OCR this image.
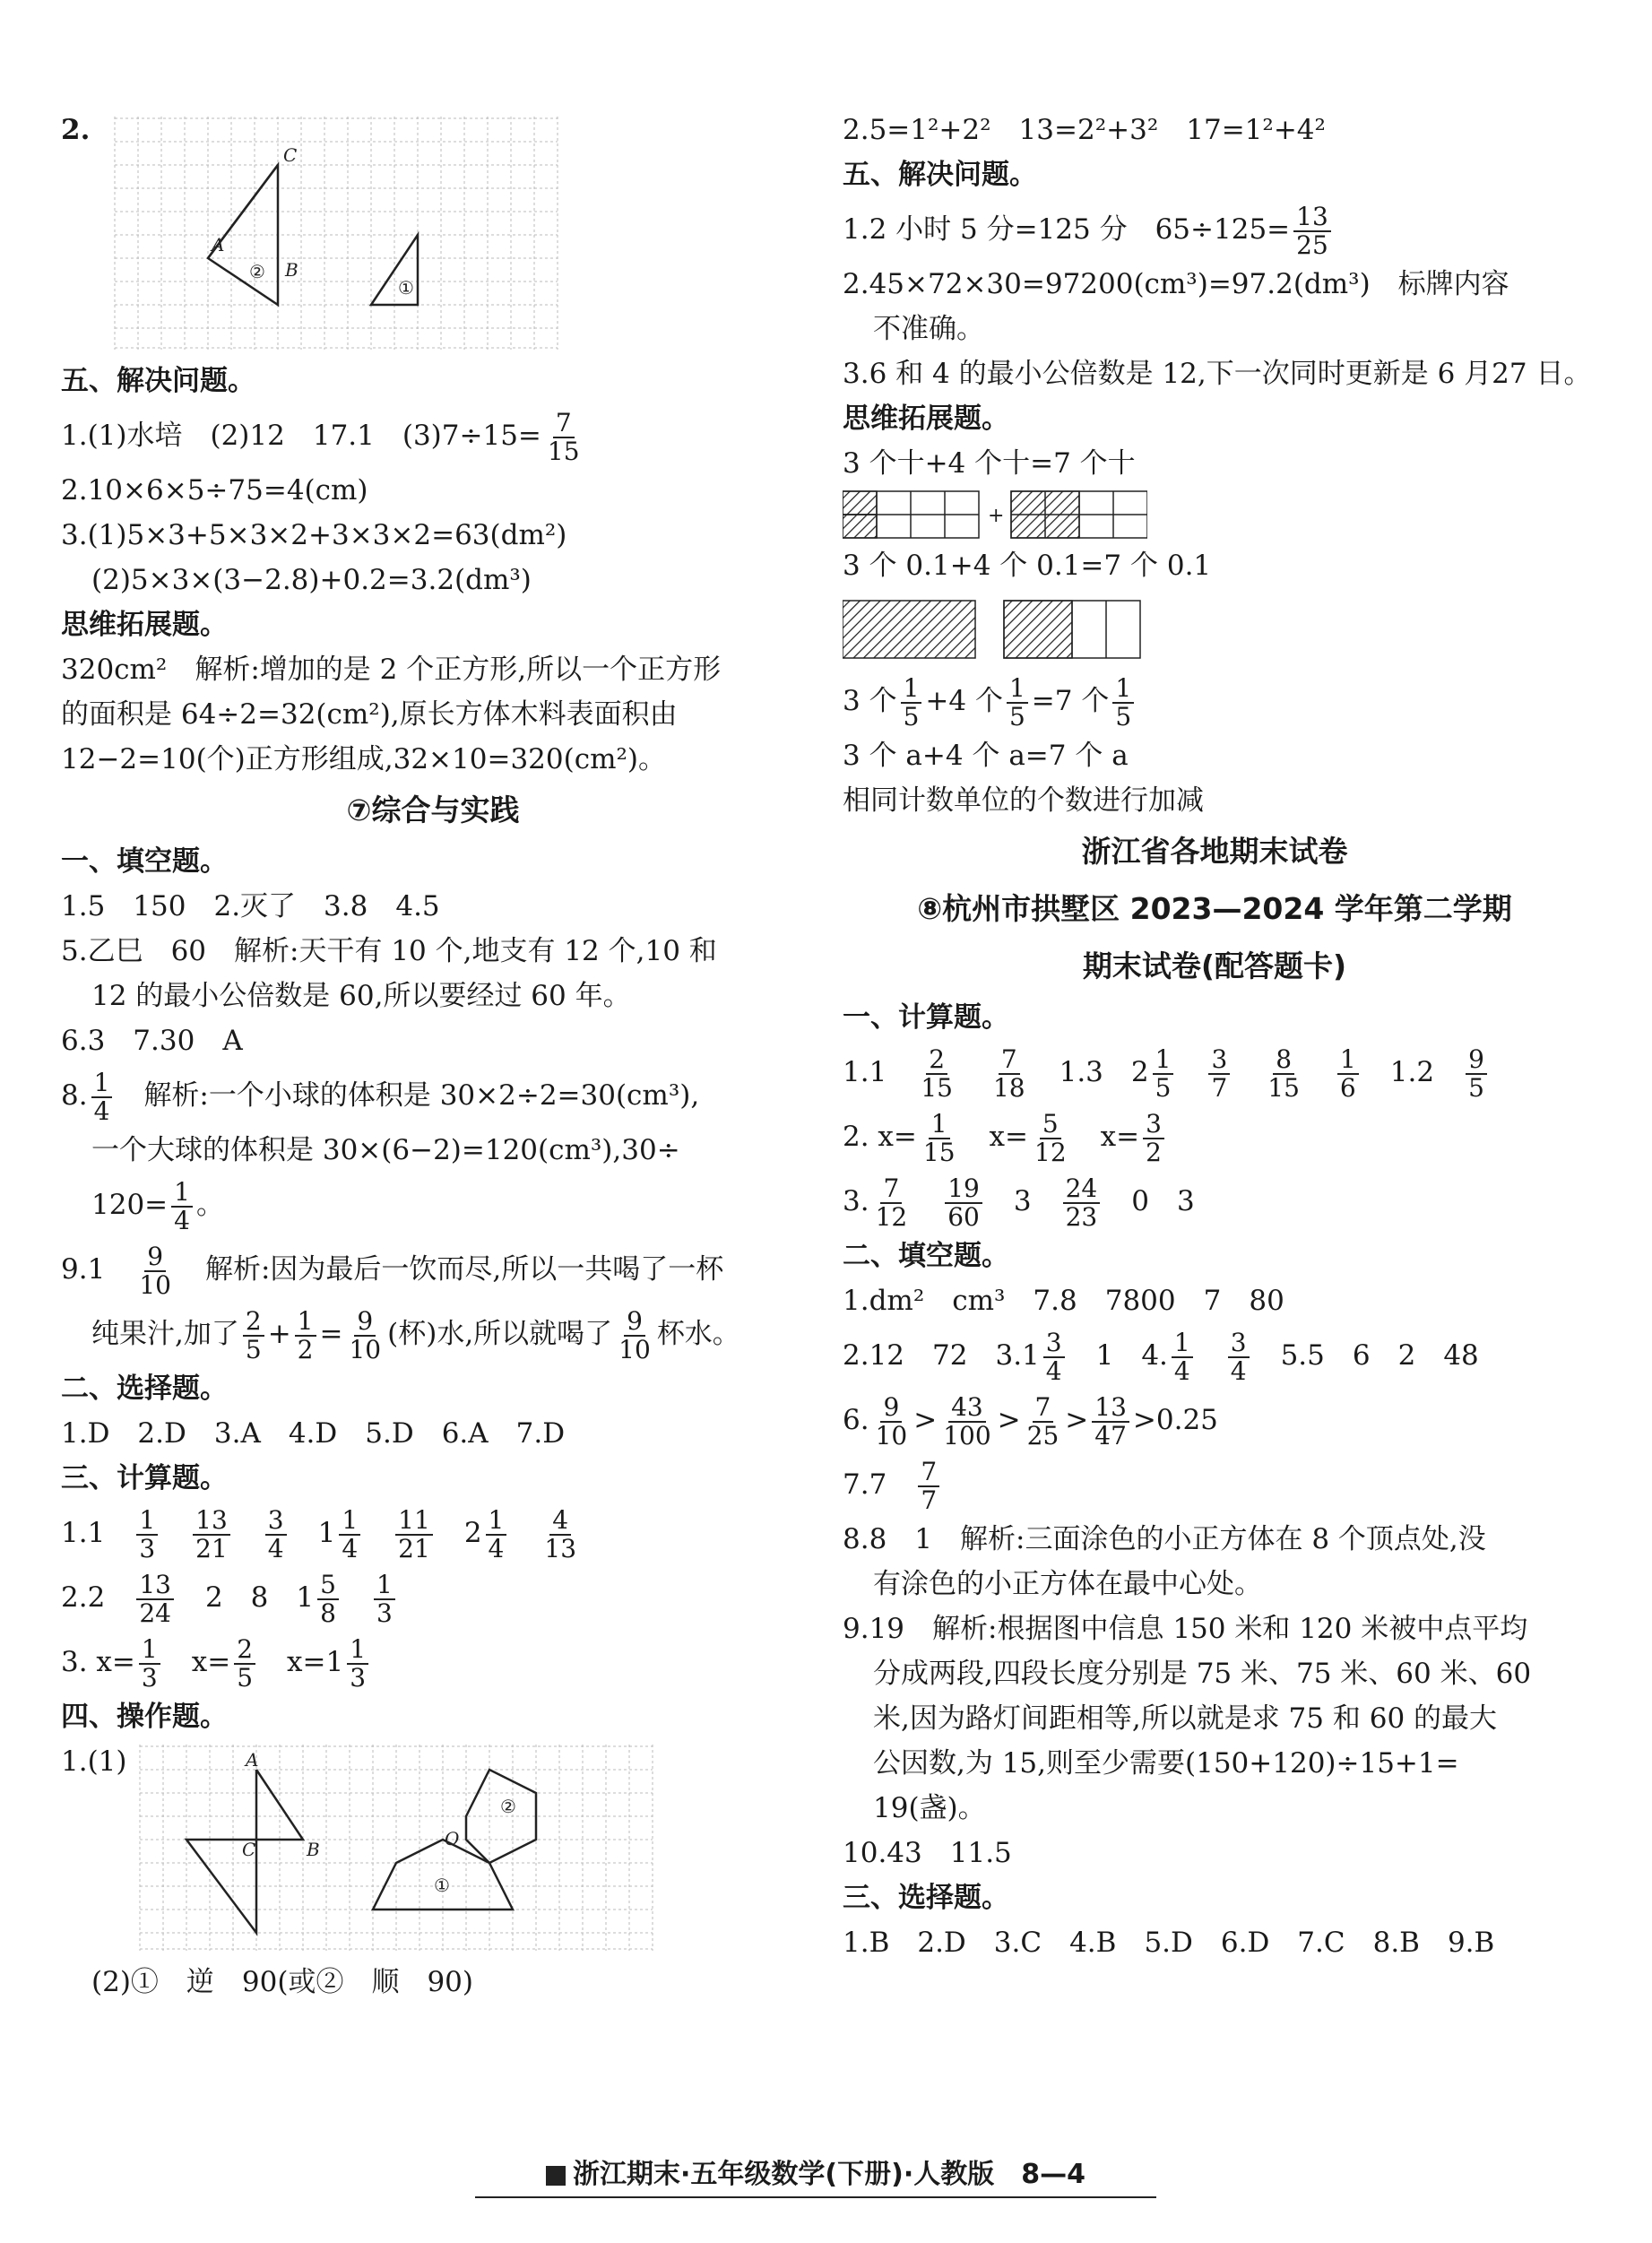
2.
C
A
B
②
①
五、解决问题。
1.(1)水培　(2)12　17.1　$(3)7\div 15= \frac{7}{15}$
2.10×6×5÷75=4(cm)
3.(1)5×3+5×3×2+3×3×2=63(dm²)
(2)5×3×(3−2.8)+0.2=3.2(dm³)
思维拓展题。
320cm²　解析:增加的是 2 个正方形,所以一个正方形
的面积是 64÷2=32(cm²),原长方体木料表面积由
12−2=10(个)正方形组成,32×10=320(cm²)。
⑦综合与实践
一、填空题。
1.5　150　2.灭了　3.8　4.5
5.乙巳　60　解析:天干有 10 个,地支有 12 个,10 和
12 的最小公倍数是 60,所以要经过 60 年。
6.3　7.30　A
8. $\frac{1}{4}$
　 解析:一个小球的体积是 30×2÷2=30(cm³),
一个大球的体积是 30×(6−2)=120(cm³),30÷
$120= \frac{1}{4}$ 。
9.1　 $\frac{9}{10}$
　 解析:因为最后一饮而尽,所以一共喝了一杯
纯果汁,加了 $\frac{2}{5} + \frac{1}{2} = \frac{9}{10}$ (杯)水,所以就喝了 $\frac{9}{10}$ 杯水。
二、选择题。
1.D　2.D　3.A　4.D　5.D　6.A　7.D
三、计算题。
1.1　 $\frac{1}{3}$
　 $\frac{13}{21}$
　 $\frac{3}{4}$
　 $1 \frac{1}{4}$
　 $\frac{11}{21}$
　 $2 \frac{1}{4}$
　 $\frac{4}{13}$
2.2　 $\frac{13}{24}$
　 2　8　$1 \frac{5}{8}$
　 $\frac{1}{3}$
3. $x= \frac{1}{3}$
　 $x= \frac{2}{5}$
　 $x=1 \frac{1}{3}$
四、操作题。
1.(1)	A
C	B	O
②
①
(2)①　逆　90(或②　顺　90)
2.5=1²+2²　13=2²+3²　17=1²+4²
五、解决问题。
1.2 小时 5 分=125 分　$65\div 125= \frac{13}{25}$
2.45×72×30=97200(cm³)=97.2(dm³)　标牌内容
不准确。
3.6 和 4 的最小公倍数是 12,下一次同时更新是 6 月27 日。
思维拓展题。
3 个十+4 个十=7 个十
+
3 个 0.1+4 个 0.1=7 个 0.1
3 个 $\frac{1}{5} +4$ 个 $\frac{1}{5} =7$ 个 $\frac{1}{5}$
3 个 a+4 个 a=7 个 a
相同计数单位的个数进行加减
浙江省各地期末试卷
⑧杭州市拱墅区 2023—2024 学年第二学期
期末试卷(配答题卡)
一、计算题。
1.1　 $\frac{2}{15}$
　 $\frac{7}{18}$
　 1.3　$2 \frac{1}{5}$
　 $\frac{3}{7}$
　 $\frac{8}{15}$
　 $\frac{1}{6}$
　 1.2　 $\frac{9}{5}$
2. $x= \frac{1}{15}$
　 $x= \frac{5}{12}$
　 $x= \frac{3}{2}$
3. $\frac{7}{12}$
　 $\frac{19}{60}$
　 3　 $\frac{24}{23}$
　 0　3
二、填空题。
1.dm²　cm³　7.8　7800　7　80
2.12　72　$3.1 \frac{3}{4}$
　 1　4. $\frac{1}{4}$
　 $\frac{3}{4}$
　 5.5　6　2　48
6. $\frac{9}{10} > \frac{43}{100} > \frac{7}{25} > \frac{13}{47} >0.25$
7.7　 $\frac{7}{7}$
8.8　1　解析:三面涂色的小正方体在 8 个顶点处,没
有涂色的小正方体在最中心处。
9.19　解析:根据图中信息 150 米和 120 米被中点平均
分成两段,四段长度分别是 75 米、75 米、60 米、60
米,因为路灯间距相等,所以就是求 75 和 60 的最大
公因数,为 15,则至少需要(150+120)÷15+1=
19(盏)。
10.43　11.5
三、选择题。
1.B　2.D　3.C　4.B　5.D　6.D　7.C　8.B　9.B
浙江期末·五年级数学(下册)·人教版　8—4
